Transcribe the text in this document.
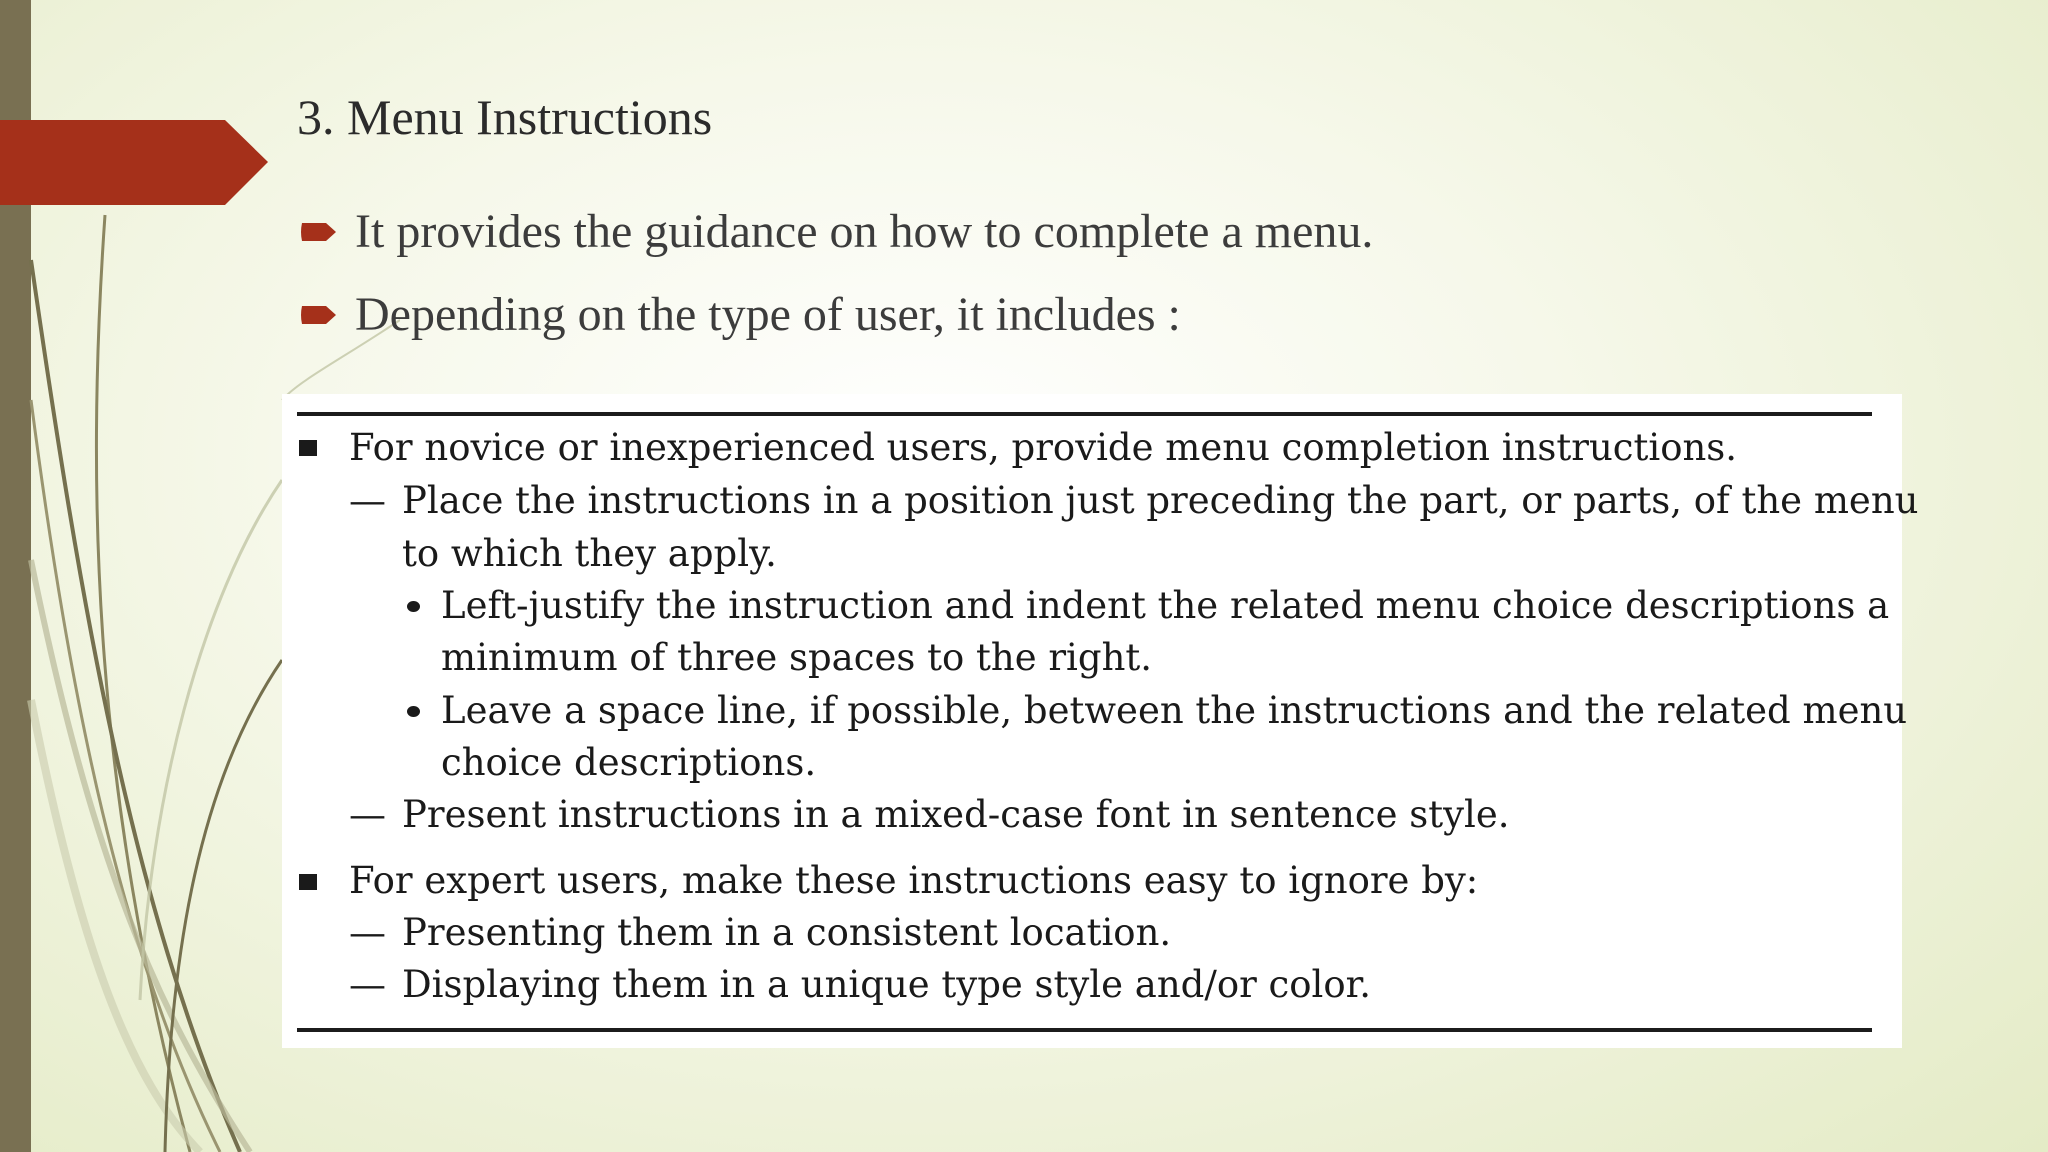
3. Menu Instructions
It provides the guidance on how to complete a menu.
Depending on the type of user, it includes :
For novice or inexperienced users, provide menu completion instructions.
— Place the instructions in a position just preceding the part, or parts, of the menu
to which they apply.
Left-justify the instruction and indent the related menu choice descriptions a
minimum of three spaces to the right.
Leave a space line, if possible, between the instructions and the related menu
choice descriptions.
— Present instructions in a mixed-case font in sentence style.
For expert users, make these instructions easy to ignore by:
— Presenting them in a consistent location.
— Displaying them in a unique type style and/or color.
